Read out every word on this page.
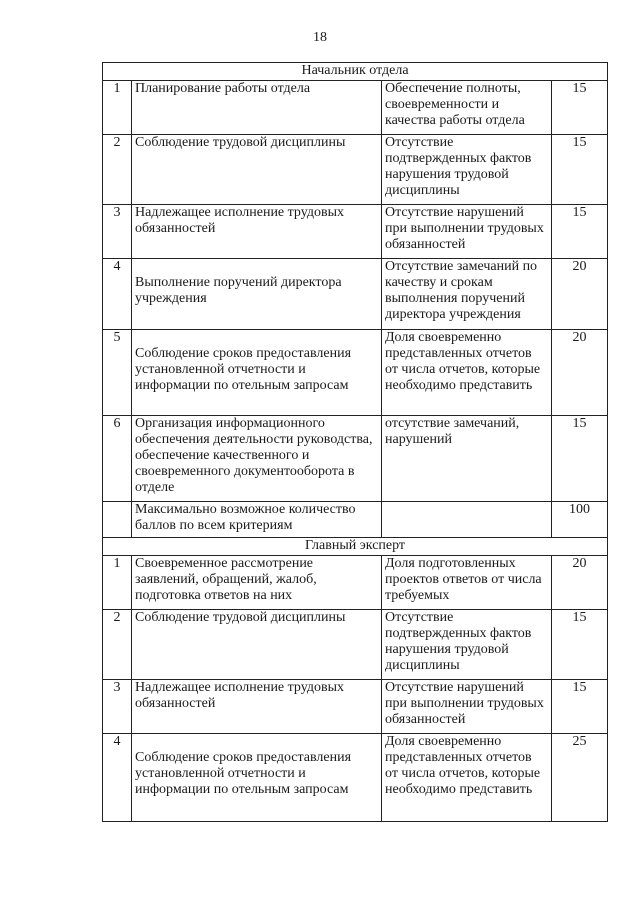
18
Начальник отдела			
1	Планирование работы отдела	Обеспечение полноты, своевременности и качества работы отдела	15
2	Соблюдение трудовой дисциплины	Отсутствие подтвержденных фактов нарушения трудовой дисциплины	15
3	Надлежащее исполнение трудовых обязанностей	Отсутствие нарушений при выполнении трудовых обязанностей	15
4	Выполнение поручений директора учреждения	Отсутствие замечаний по качеству и срокам выполнения поручений директора учреждения	20
5	Соблюдение сроков предоставления установленной отчетности и информации по отельным запросам	Доля своевременно представленных отчетов от числа отчетов, которые необходимо представить	20
6	Организация информационного обеспечения деятельности руководства, обеспечение качественного и своевременного документооборота в отделе	отсутствие замечаний, нарушений	15
	Максимально возможное количество баллов по всем критериям		100
Главный эксперт			
1	Своевременное рассмотрение заявлений, обращений, жалоб, подготовка ответов на них	Доля подготовленных проектов ответов от числа требуемых	20
2	Соблюдение трудовой дисциплины	Отсутствие подтвержденных фактов нарушения трудовой дисциплины	15
3	Надлежащее исполнение трудовых обязанностей	Отсутствие нарушений при выполнении трудовых обязанностей	15
4	Соблюдение сроков предоставления установленной отчетности и информации по отельным запросам	Доля своевременно представленных отчетов от числа отчетов, которые необходимо представить	25
